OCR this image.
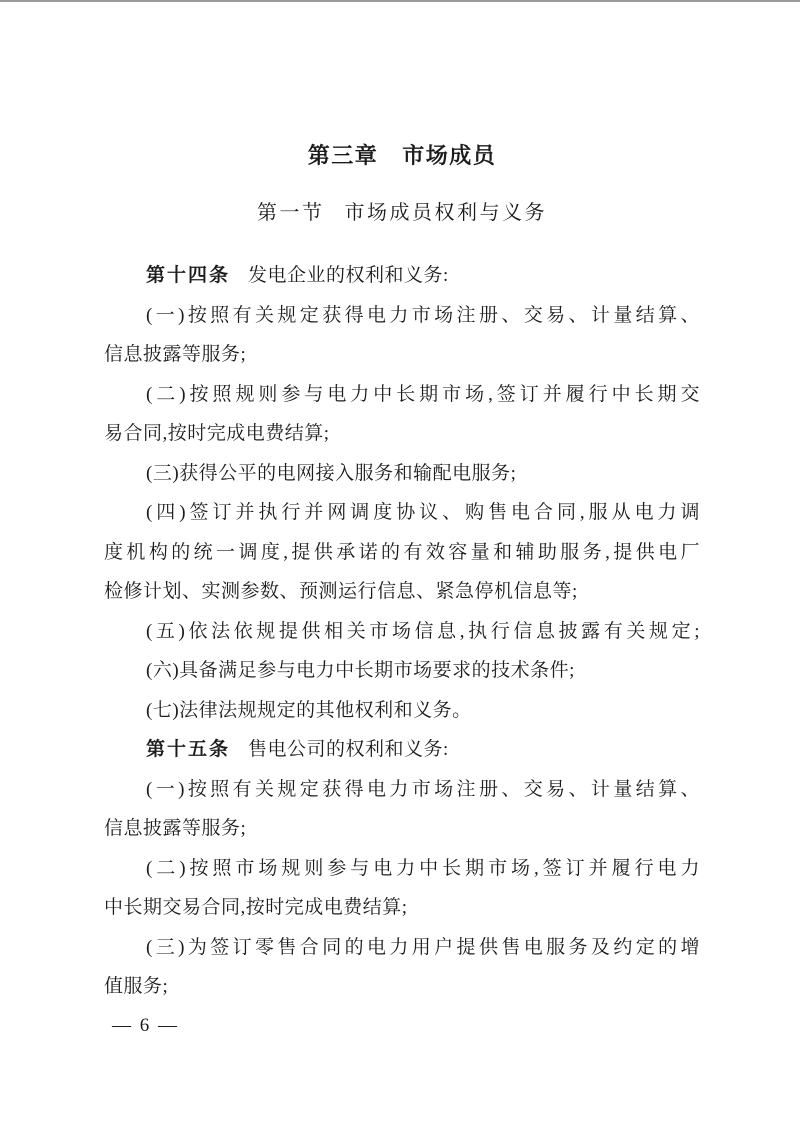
第三章 市场成员
第一节 市场成员权利与义务
第十四条 发电企业的权利和义务:
(一)按照有关规定获得电力市场注册、交易、计量结算、
信息披露等服务;
(二)按照规则参与电力中长期市场,签订并履行中长期交
易合同,按时完成电费结算;
(三)获得公平的电网接入服务和输配电服务;
(四)签订并执行并网调度协议、购售电合同,服从电力调
度机构的统一调度,提供承诺的有效容量和辅助服务,提供电厂
检修计划、实测参数、预测运行信息、紧急停机信息等;
(五)依法依规提供相关市场信息,执行信息披露有关规定;
(六)具备满足参与电力中长期市场要求的技术条件;
(七)法律法规规定的其他权利和义务。
第十五条 售电公司的权利和义务:
(一)按照有关规定获得电力市场注册、交易、计量结算、
信息披露等服务;
(二)按照市场规则参与电力中长期市场,签订并履行电力
中长期交易合同,按时完成电费结算;
(三)为签订零售合同的电力用户提供售电服务及约定的增
值服务;
— 6 —
